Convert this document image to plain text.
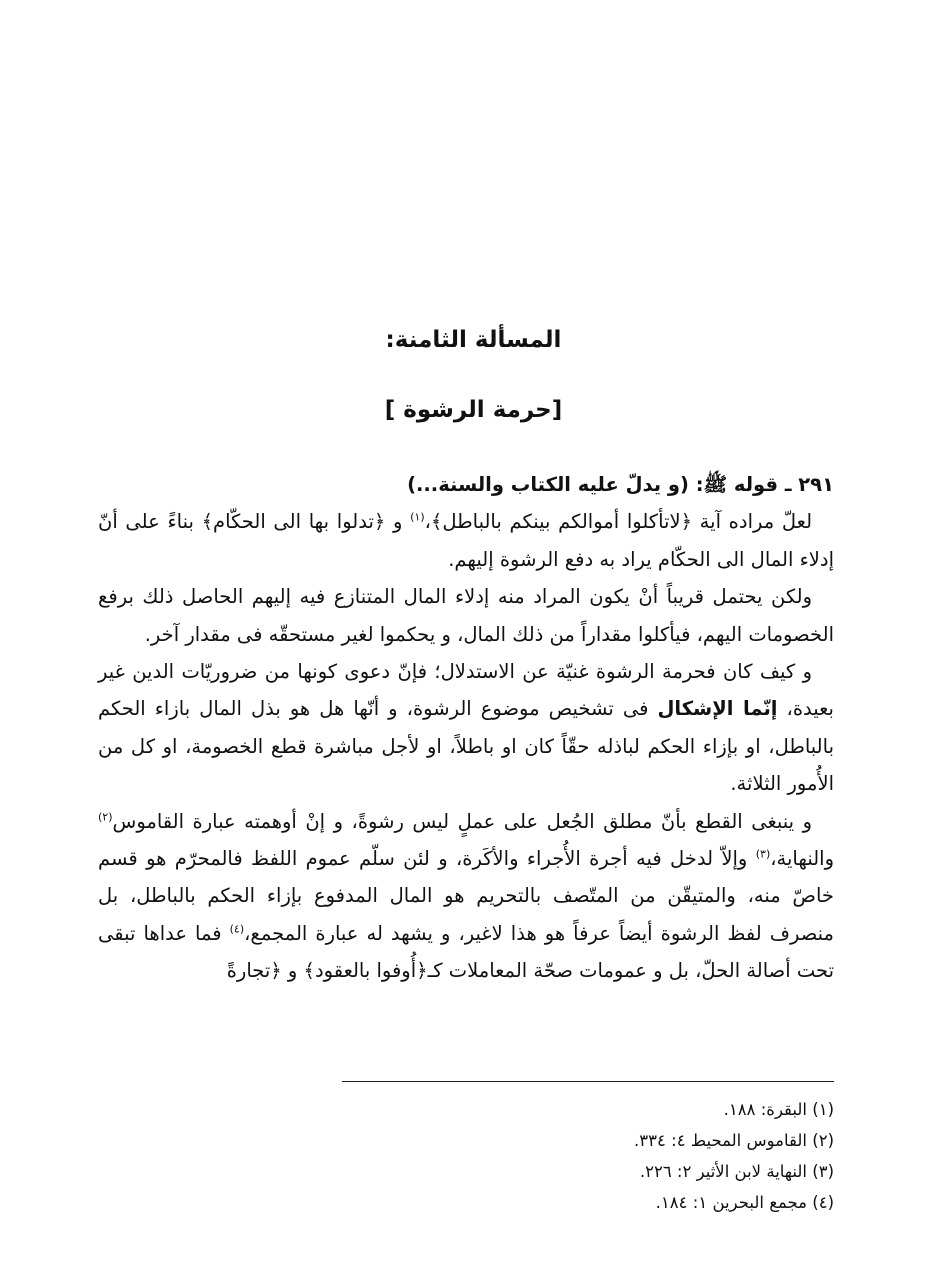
المسألة الثامنة:
[حرمة الرشوة ]

٢٩١ ـ قوله ﷺ: (و يدلّ عليه الكتاب والسنة...)

لعلّ مراده آية ﴿لاتأكلوا أموالكم بينكم بالباطل﴾،$^{(١)}$ و ﴿تدلوا بها الى الحكّام﴾ بناءً على أنّ إدلاء المال الى الحكّام يراد به دفع الرشوة إليهم.

ولكن يحتمل قريباً أنْ يكون المراد منه إدلاء المال المتنازع فيه إليهم الحاصل ذلك برفع الخصومات اليهم، فيأكلوا مقداراً من ذلك المال، و يحكموا لغير مستحقّه فى مقدار آخر.

و كيف كان فحرمة الرشوة غنيّة عن الاستدلال؛ فإنّ دعوى كونها من ضروريّات الدين غير بعيدة، إنّما الإشكال فى تشخيص موضوع الرشوة، و أنّها هل هو بذل المال بازاء الحكم بالباطل، او بإزاء الحكم لباذله حقّاً كان او باطلاً، او لأجل مباشرة قطع الخصومة، او كل من الأُمور الثلاثة.

و ينبغى القطع بأنّ مطلق الجُعل على عملٍ ليس رشوةً، و إنْ أوهمته عبارة القاموس$^{(٢)}$ والنهاية،$^{(٣)}$ وإلاّ لدخل فيه أجرة الأُجراء والأكَرة، و لئن سلّم عموم اللفظ فالمحرّم هو قسم خاصّ منه، والمتيقّن من المتّصف بالتحريم هو المال المدفوع بإزاء الحكم بالباطل، بل منصرف لفظ الرشوة أيضاً عرفاً هو هذا لاغير، و يشهد له عبارة المجمع،$^{(٤)}$ فما عداها تبقى تحت أصالة الحلّ، بل و عمومات صحّة المعاملات كـ﴿أُوفوا بالعقود﴾ و ﴿تجارةً

(١) البقرة: ١٨٨.
(٢) القاموس المحيط ٤: ٣٣٤.
(٣) النهاية لابن الأثير ٢: ٢٢٦.
(٤) مجمع البحرين ١: ١٨٤.
